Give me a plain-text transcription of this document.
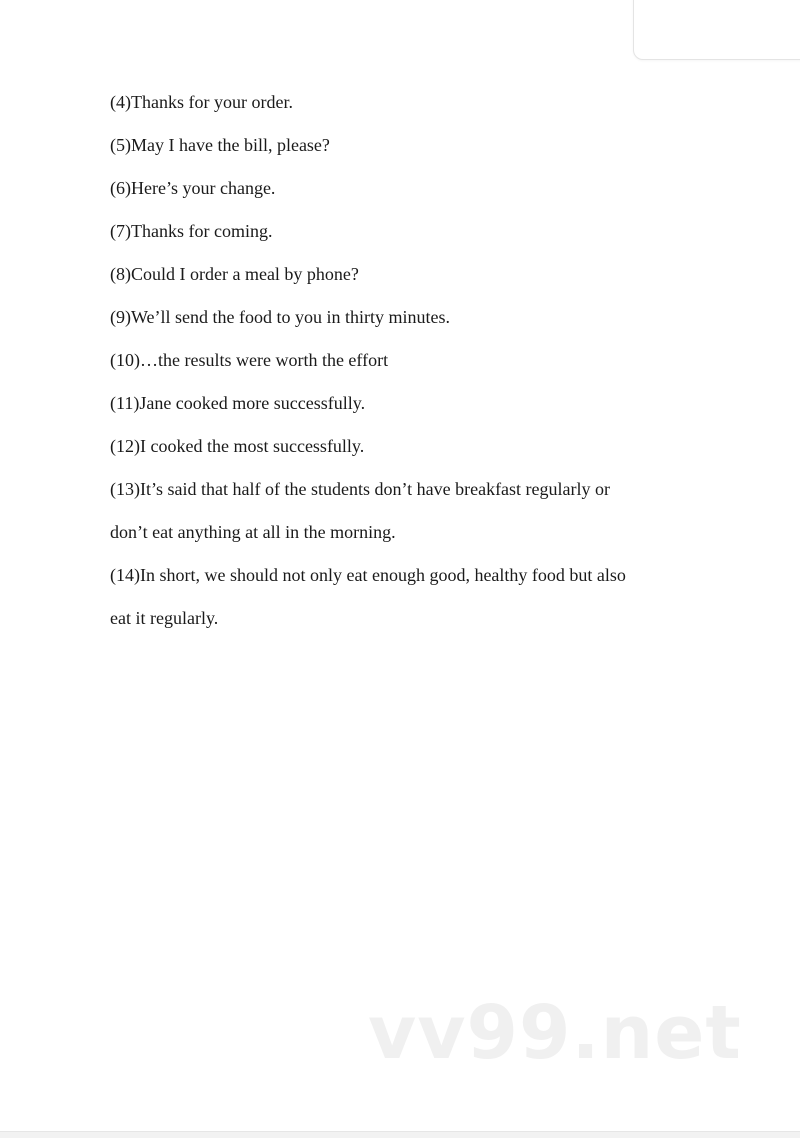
(4)Thanks for your order.
(5)May I have the bill, please?
(6)Here’s your change.
(7)Thanks for coming.
(8)Could I order a meal by phone?
(9)We’ll send the food to you in thirty minutes.
(10)…the results were worth the effort
(11)Jane cooked more successfully.
(12)I cooked the most successfully.
(13)It’s said that half of the students don’t have breakfast regularly or
don’t eat anything at all in the morning.
(14)In short, we should not only eat enough good, healthy food but also
eat it regularly.
vv99.net
